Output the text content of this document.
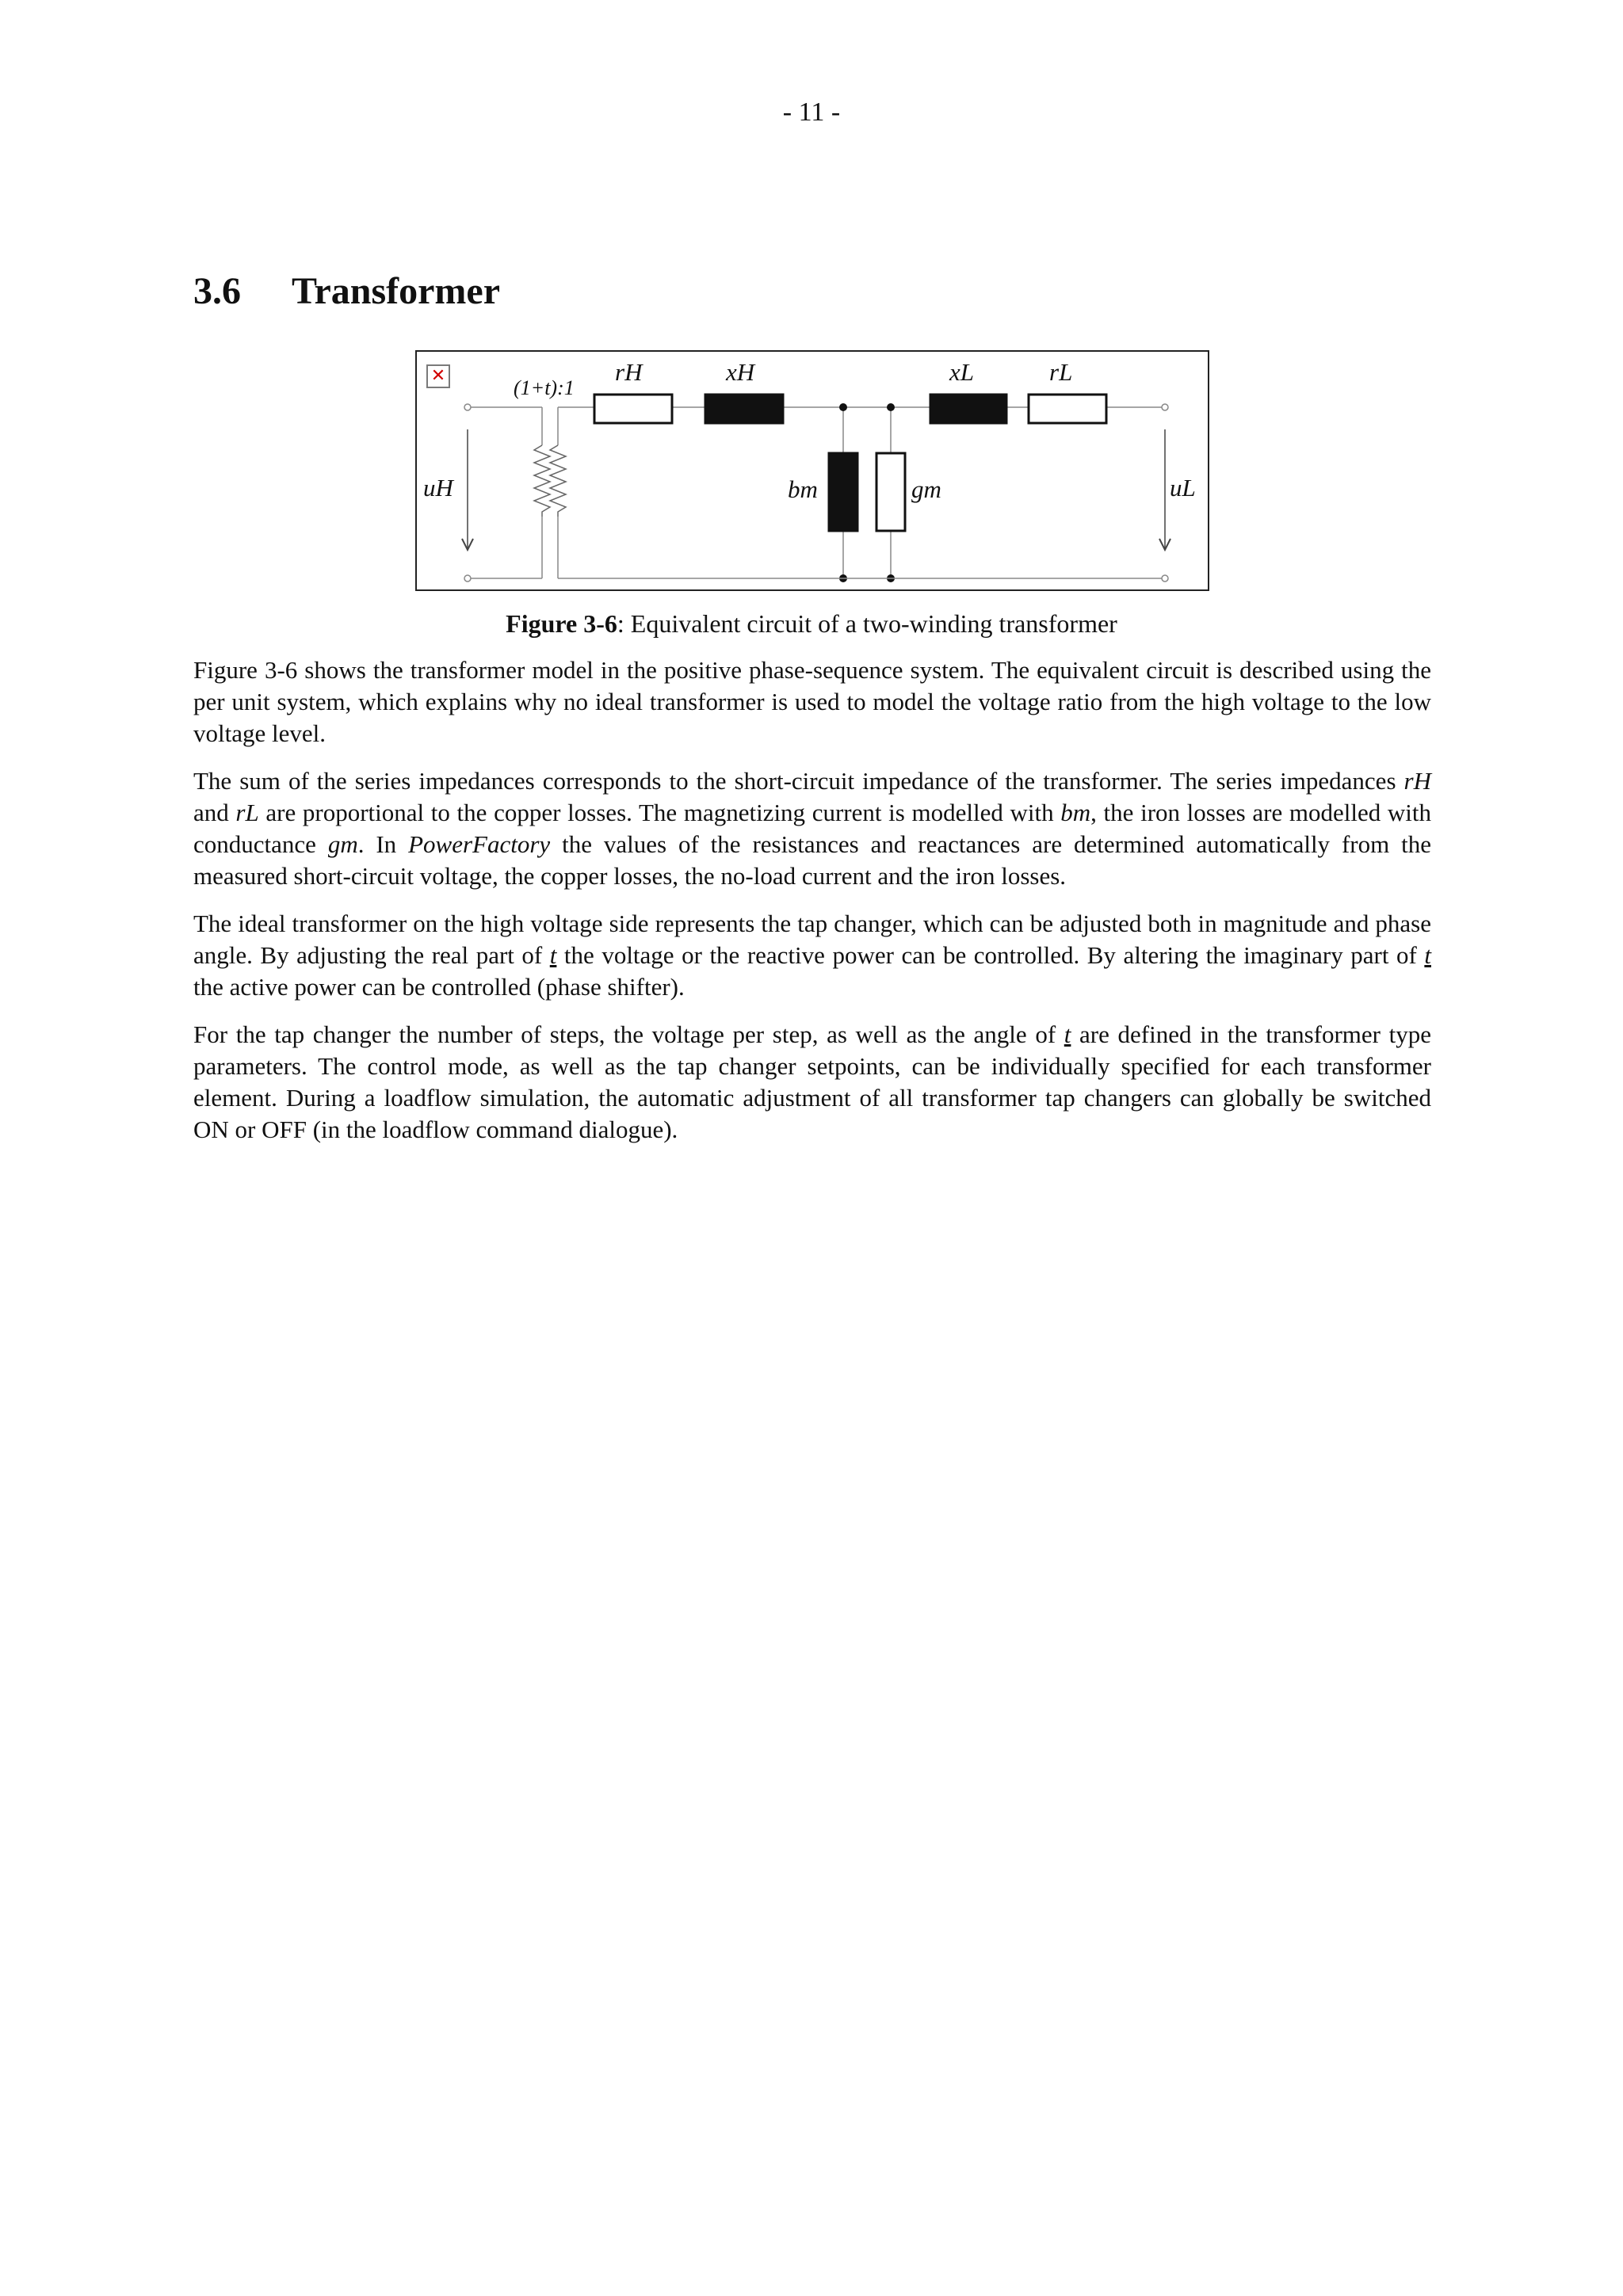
- 11 -
3.6 Transformer
✕
(1+t):1
rH	xH	xL	rL
uH	bm	gm	uL
Figure 3-6: Equivalent circuit of a two-winding transformer

Figure 3-6 shows the transformer model in the positive phase-sequence system. The equivalent circuit is described using the per unit system, which explains why no ideal transformer is used to model the voltage ratio from the high voltage to the low voltage level.

The sum of the series impedances corresponds to the short-circuit impedance of the transformer. The series impedances rH and rL are proportional to the copper losses. The magnetizing current is modelled with bm, the iron losses are modelled with conductance gm. In PowerFactory the values of the resistances and reactances are determined automatically from the measured short-circuit voltage, the copper losses, the no-load current and the iron losses.

The ideal transformer on the high voltage side represents the tap changer, which can be adjusted both in magnitude and phase angle. By adjusting the real part of t the voltage or the reactive power can be controlled. By altering the imaginary part of t the active power can be controlled (phase shifter).

For the tap changer the number of steps, the voltage per step, as well as the angle of t are defined in the transformer type parameters. The control mode, as well as the tap changer setpoints, can be individually specified for each transformer element. During a loadflow simulation, the automatic adjustment of all transformer tap changers can globally be switched ON or OFF (in the loadflow command dialogue).
